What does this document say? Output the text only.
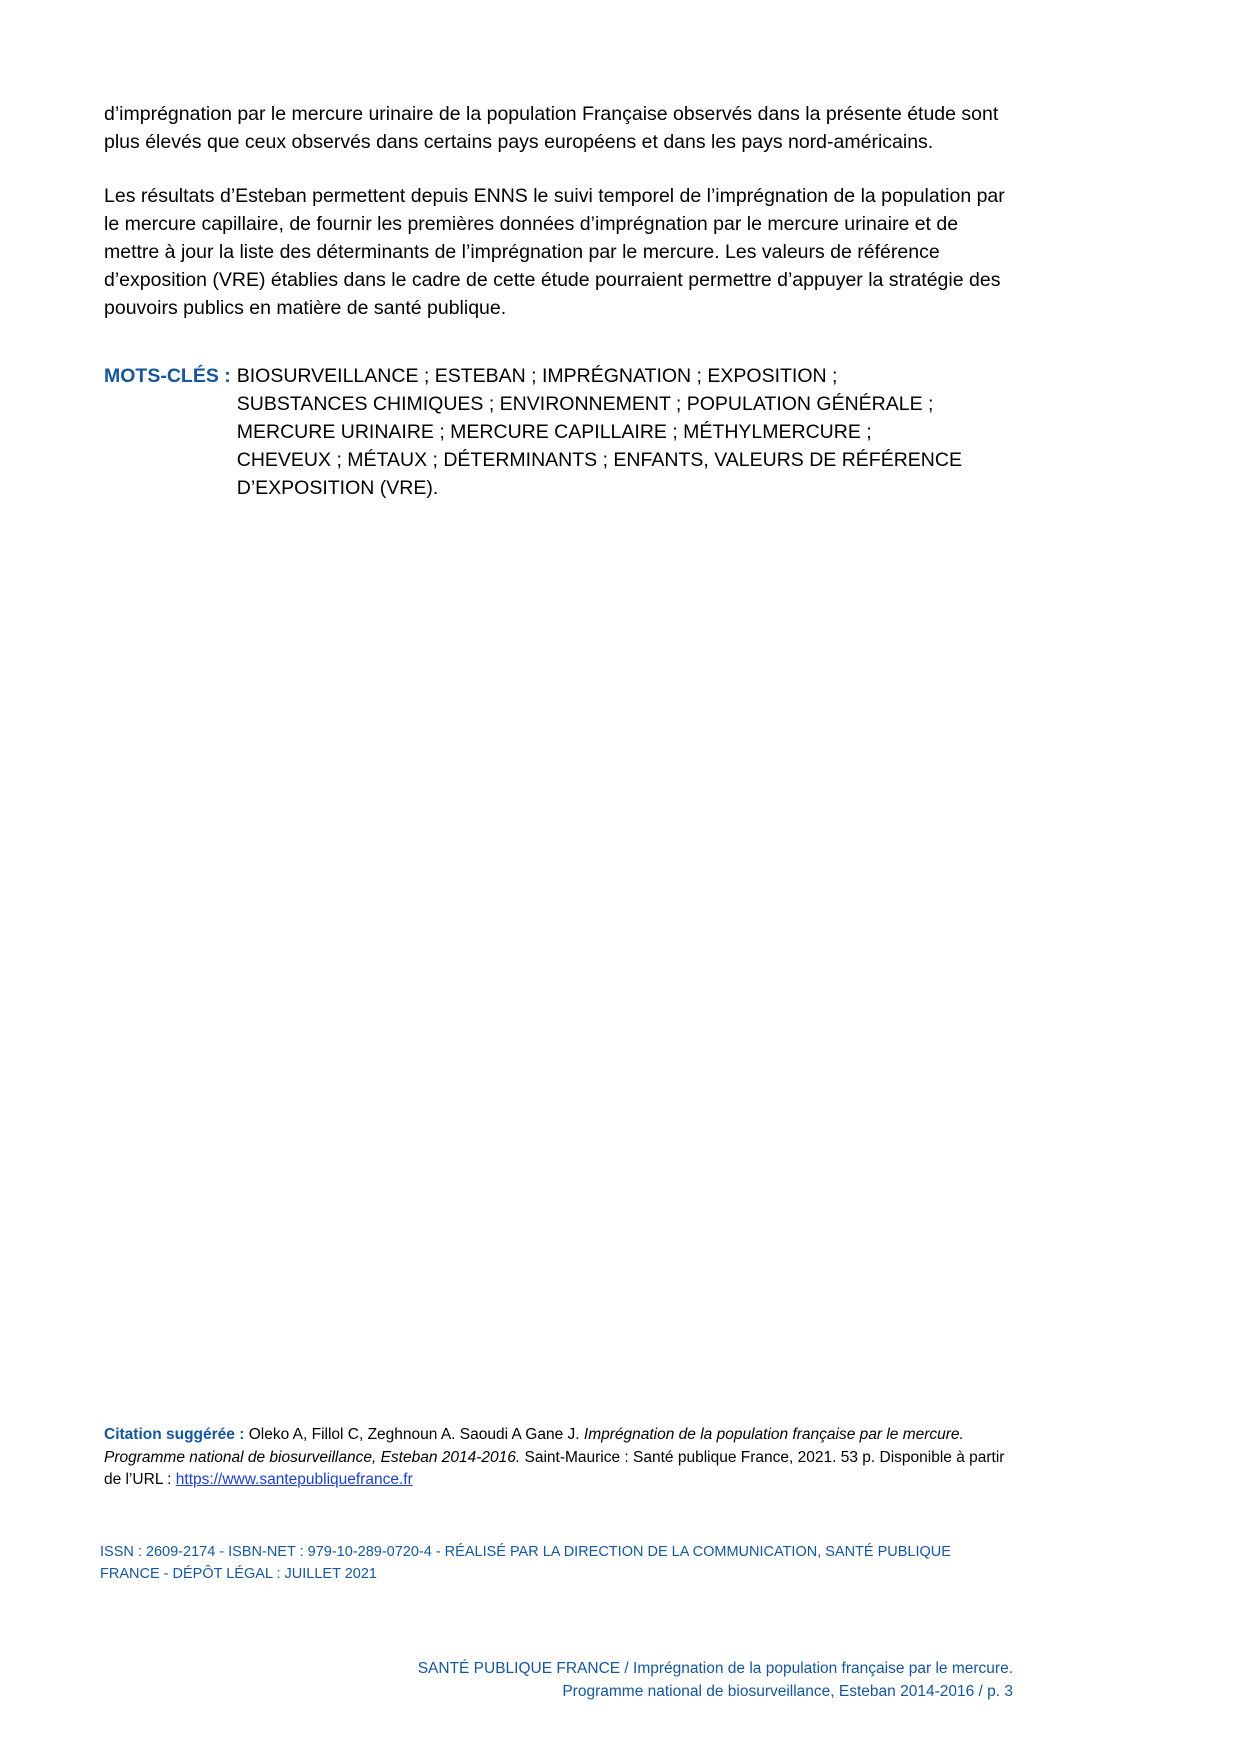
d’imprégnation par le mercure urinaire de la population Française observés dans la présente étude sont plus élevés que ceux observés dans certains pays européens et dans les pays nord-américains.

Les résultats d’Esteban permettent depuis ENNS le suivi temporel de l’imprégnation de la population par le mercure capillaire, de fournir les premières données d’imprégnation par le mercure urinaire et de mettre à jour la liste des déterminants de l’imprégnation par le mercure. Les valeurs de référence d’exposition (VRE) établies dans le cadre de cette étude pourraient permettre d’appuyer la stratégie des pouvoirs publics en matière de santé publique.

MOTS-CLÉS : BIOSURVEILLANCE ; ESTEBAN ; IMPRÉGNATION ; EXPOSITION ;
SUBSTANCES CHIMIQUES ; ENVIRONNEMENT ; POPULATION GÉNÉRALE ;
MERCURE URINAIRE ; MERCURE CAPILLAIRE ; MÉTHYLMERCURE ;
CHEVEUX ; MÉTAUX ; DÉTERMINANTS ; ENFANTS, VALEURS DE RÉFÉRENCE
D’EXPOSITION (VRE).
Citation suggérée : Oleko A, Fillol C, Zeghnoun A. Saoudi A Gane J. Imprégnation de la population française par le mercure. Programme national de biosurveillance, Esteban 2014-2016. Saint-Maurice : Santé publique France, 2021. 53 p. Disponible à partir de l’URL : https://www.santepubliquefrance.fr
ISSN : 2609-2174 - ISBN-NET : 979-10-289-0720-4 - RÉALISÉ PAR LA DIRECTION DE LA COMMUNICATION, SANTÉ PUBLIQUE FRANCE - DÉPÔT LÉGAL : JUILLET 2021
SANTÉ PUBLIQUE FRANCE / Imprégnation de la population française par le mercure.
Programme national de biosurveillance, Esteban 2014-2016 / p. 3
